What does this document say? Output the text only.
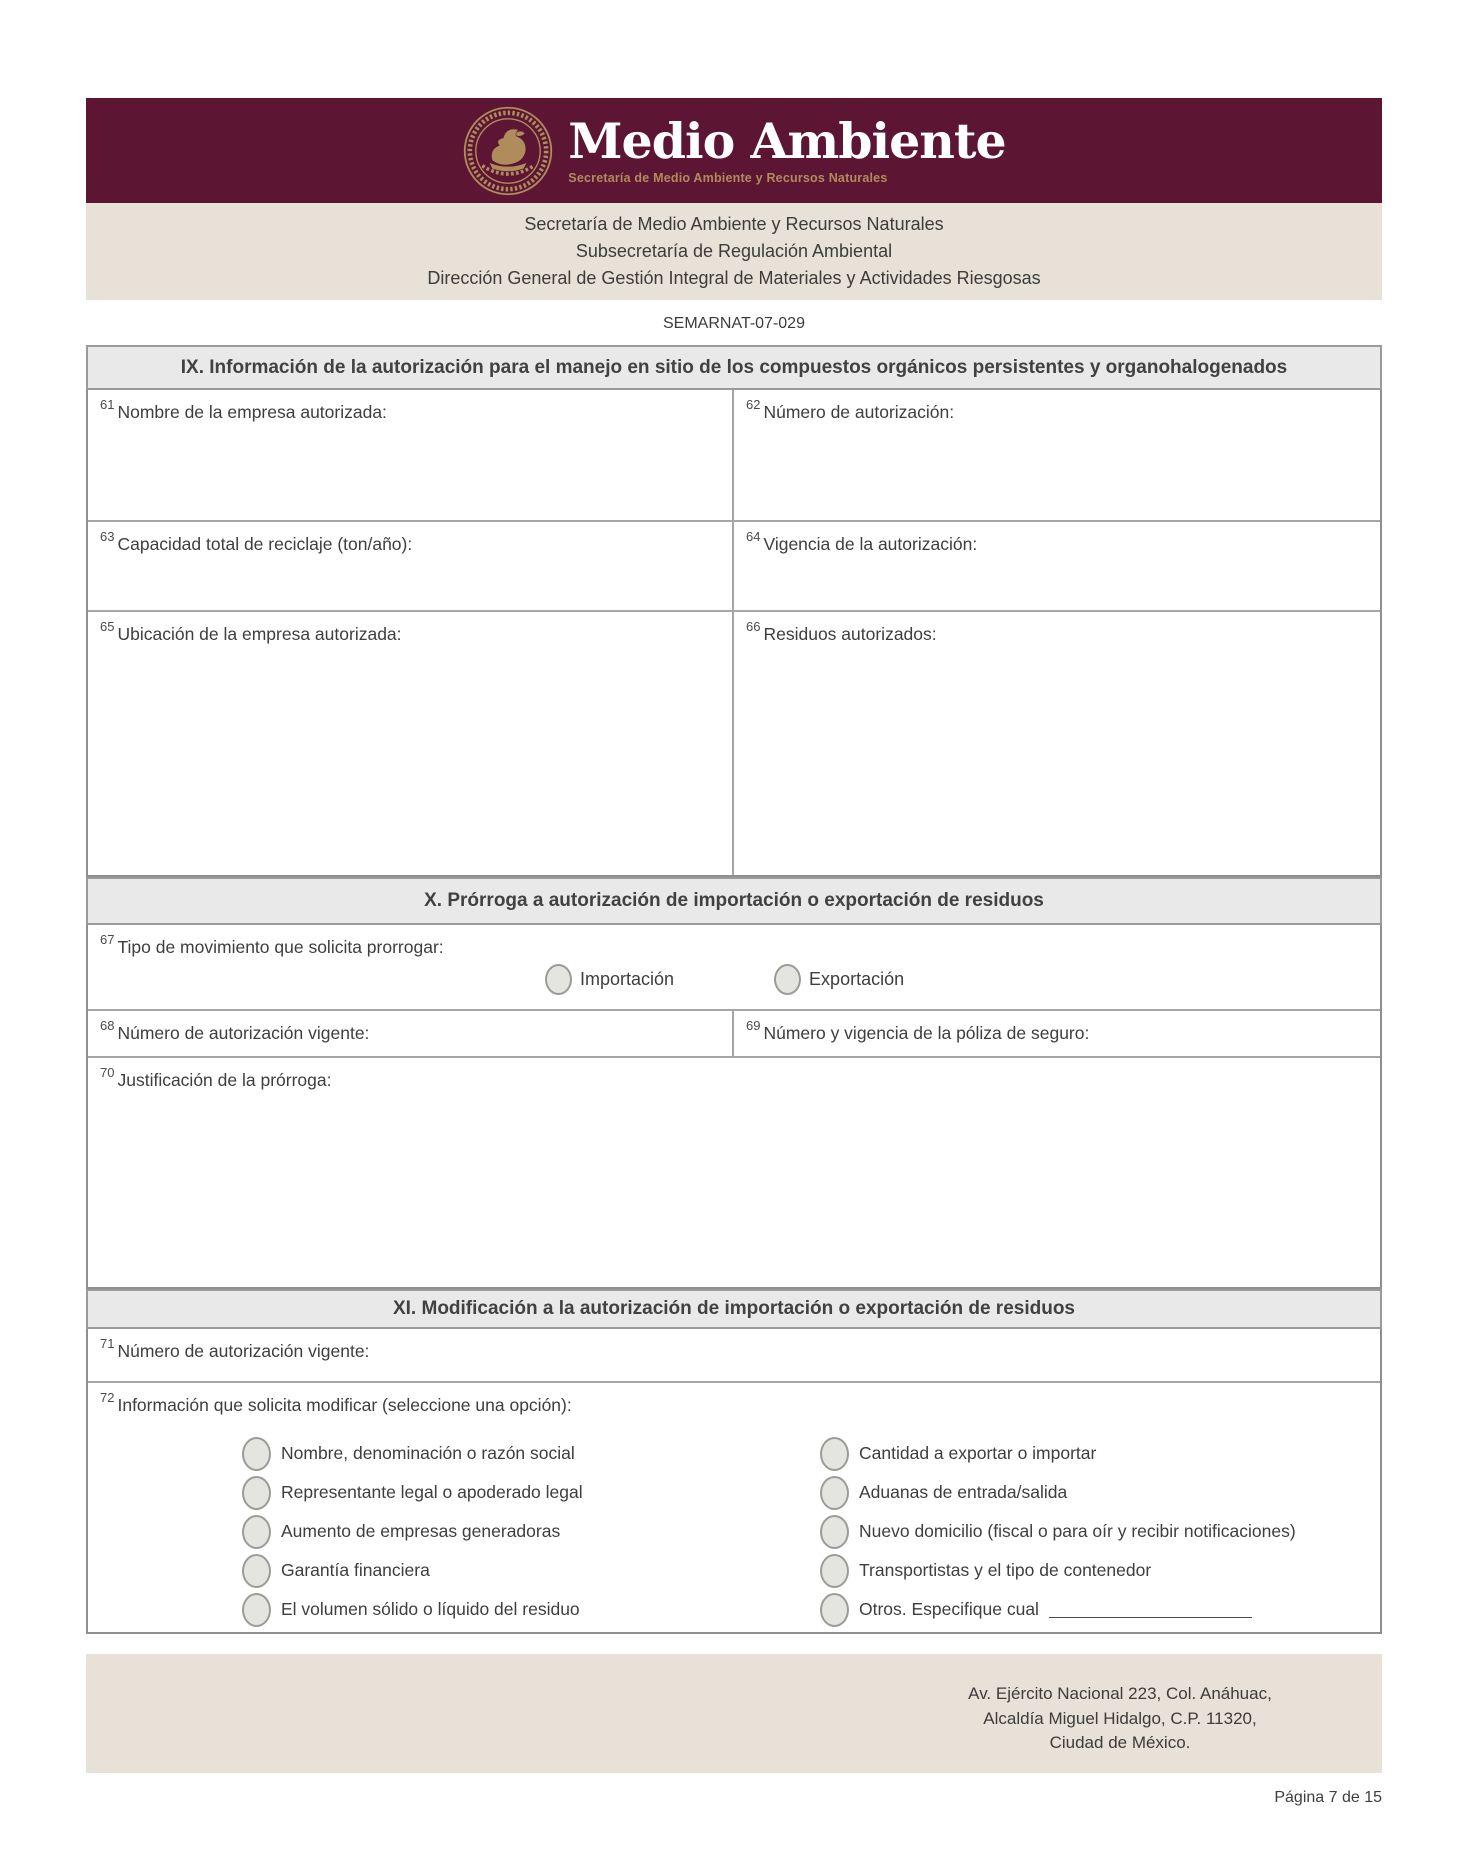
Medio Ambiente
Secretaría de Medio Ambiente y Recursos Naturales
Secretaría de Medio Ambiente y Recursos Naturales
Subsecretaría de Regulación Ambiental
Dirección General de Gestión Integral de Materiales y Actividades Riesgosas
SEMARNAT-07-029
IX. Información de la autorización para el manejo en sitio de los compuestos orgánicos persistentes y organohalogenados
$^{61}$ Nombre de la empresa autorizada:	$^{62}$ Número de autorización:
$^{63}$ Capacidad total de reciclaje (ton/año):	$^{64}$ Vigencia de la autorización:
$^{65}$ Ubicación de la empresa autorizada:	$^{66}$ Residuos autorizados:
X. Prórroga a autorización de importación o exportación de residuos
$^{67}$ Tipo de movimiento que solicita prorrogar:
Importación	Exportación
$^{68}$ Número de autorización vigente:	$^{69}$ Número y vigencia de la póliza de seguro:
$^{70}$ Justificación de la prórroga:
XI. Modificación a la autorización de importación o exportación de residuos
$^{71}$ Número de autorización vigente:
$^{72}$ Información que solicita modificar (seleccione una opción):
Nombre, denominación o razón social	Cantidad a exportar o importar
Representante legal o apoderado legal	Aduanas de entrada/salida
Aumento de empresas generadoras	Nuevo domicilio (fiscal o para oír y recibir notificaciones)
Garantía financiera	Transportistas y el tipo de contenedor
El volumen sólido o líquido del residuo	Otros. Especifique cual
Av. Ejército Nacional 223, Col. Anáhuac,
Alcaldía Miguel Hidalgo, C.P. 11320,
Ciudad de México.
Página 7 de 15
